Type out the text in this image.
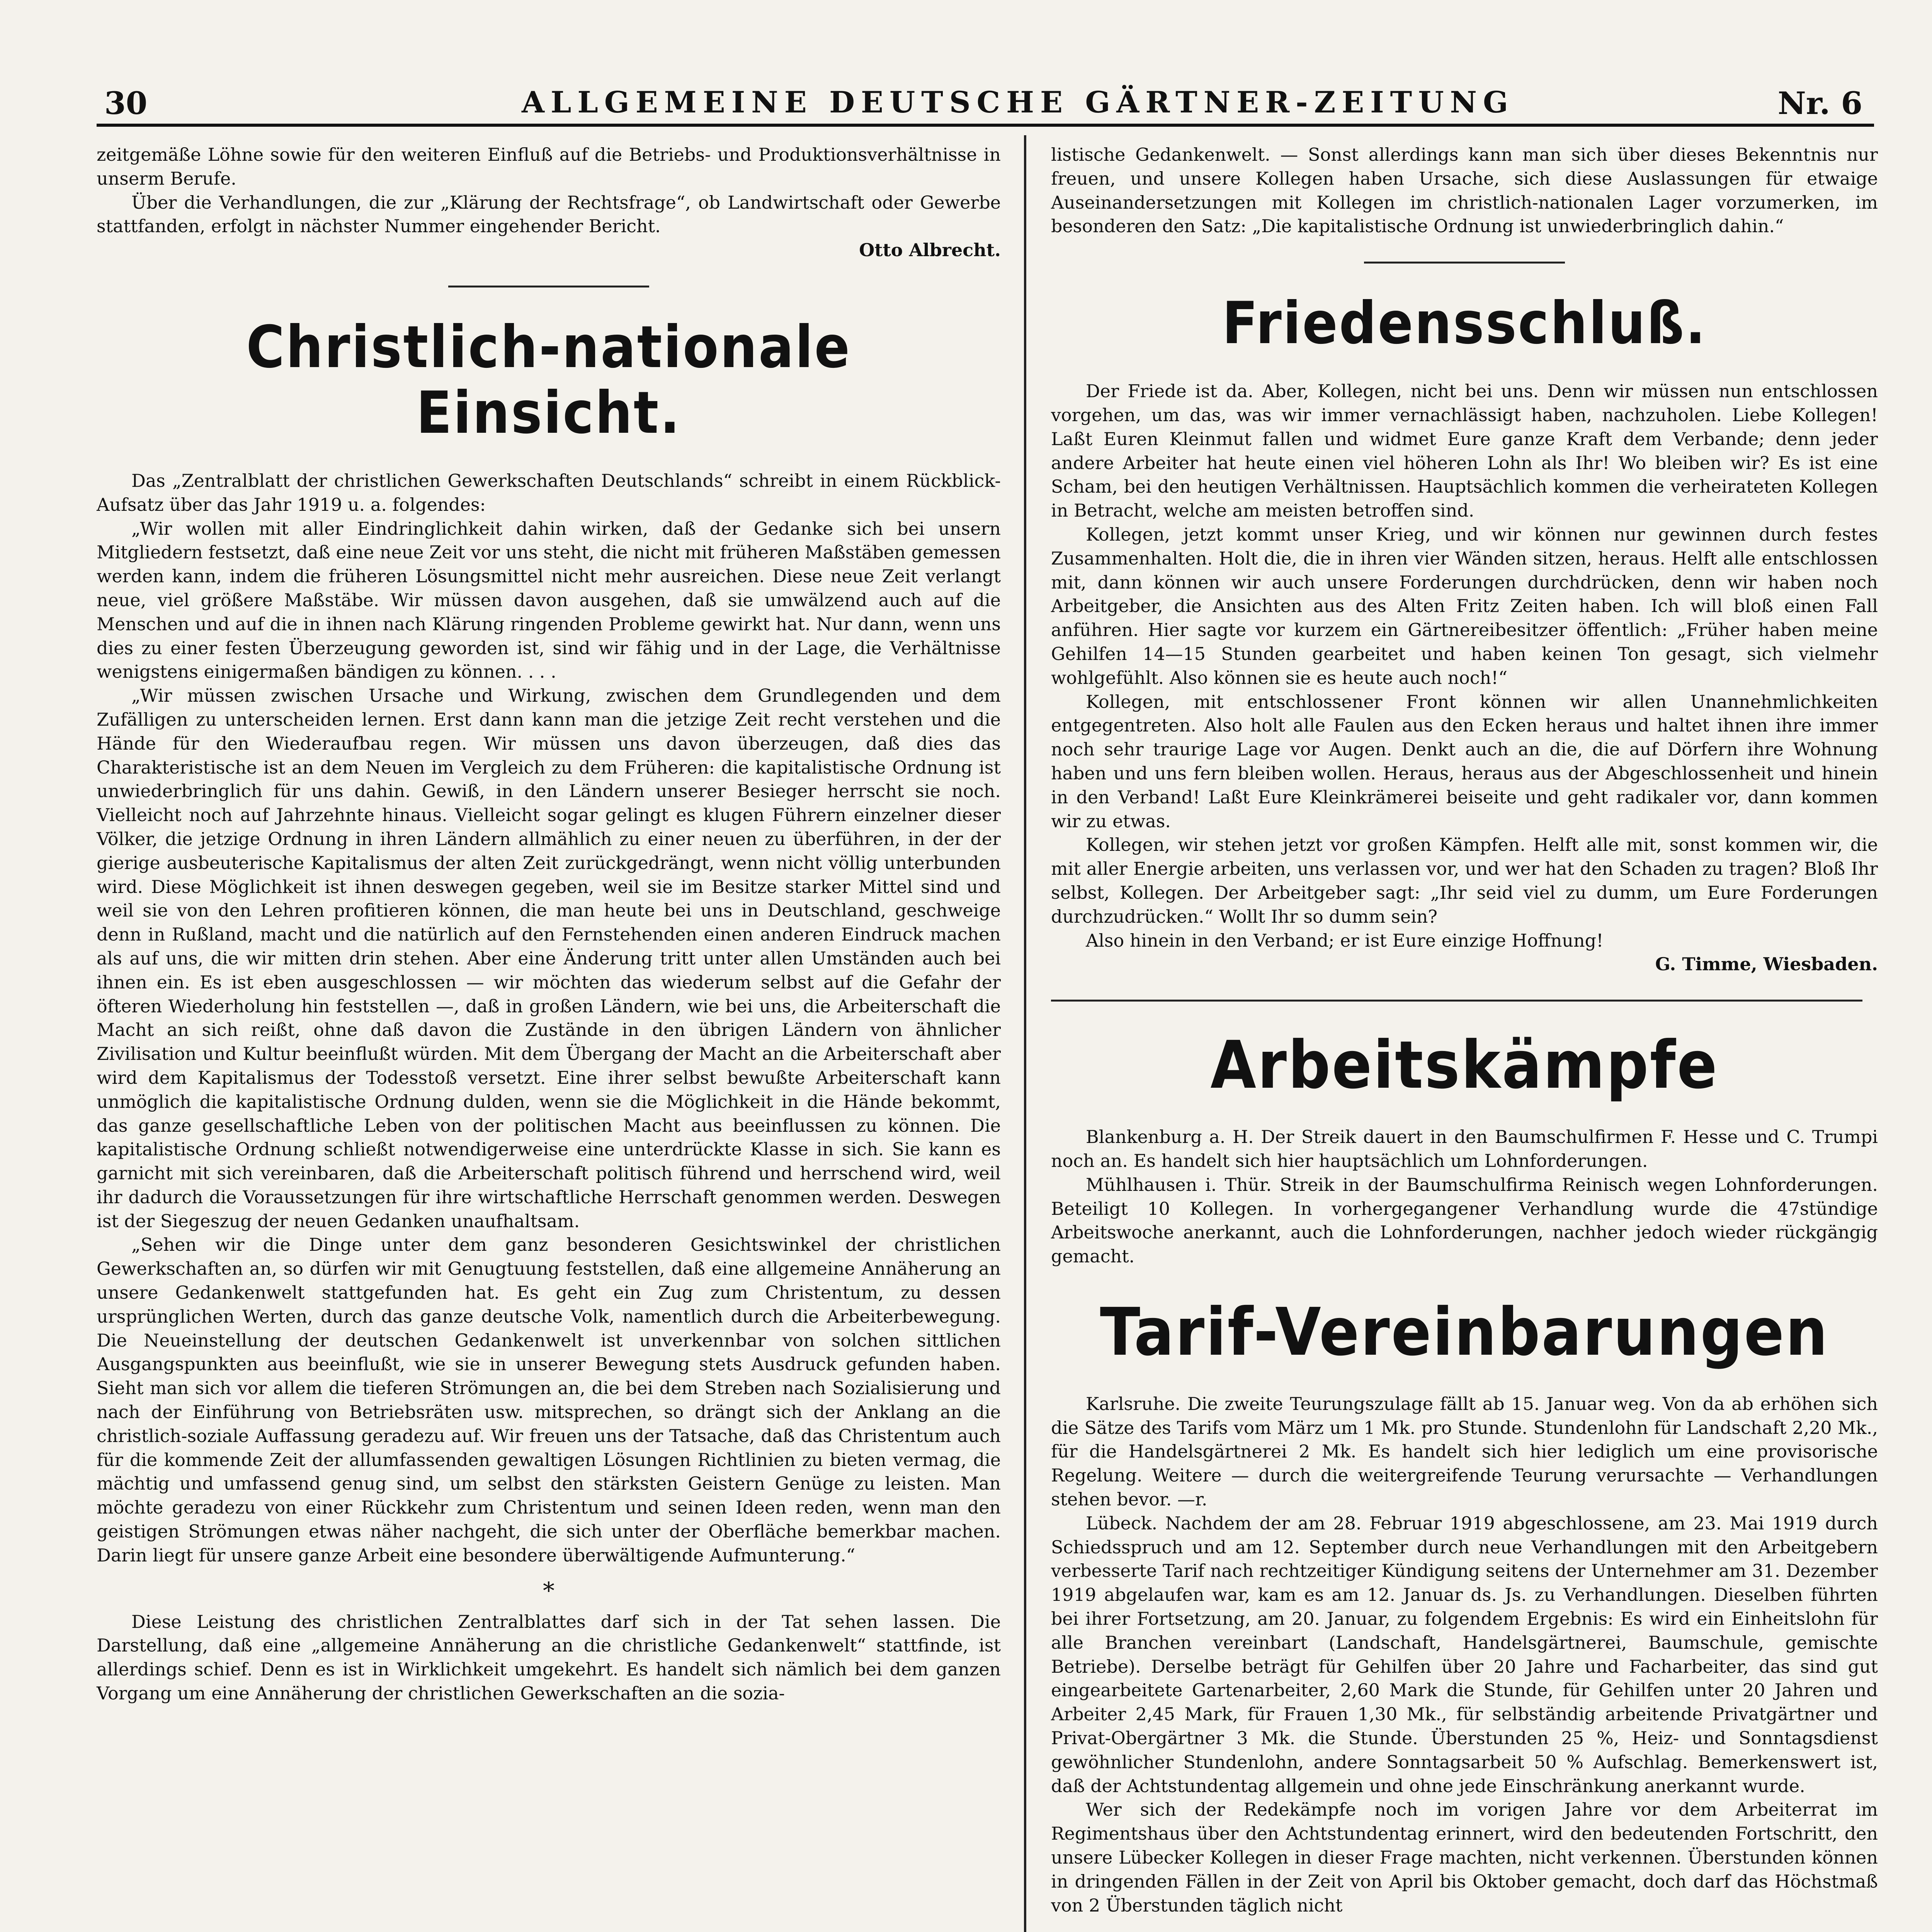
30	ALLGEMEINE DEUTSCHE GÄRTNER-ZEITUNG	Nr. 6

zeitgemäße Löhne sowie für den weiteren Einfluß auf die Betriebs- und Produktionsverhältnisse in unserm Berufe.

Über die Verhandlungen, die zur „Klärung der Rechtsfrage“, ob Landwirtschaft oder Gewerbe stattfanden, erfolgt in nächster Nummer eingehender Bericht.

Otto Albrecht.

Christlich-nationale Einsicht.

Das „Zentralblatt der christlichen Gewerkschaften Deutschlands“ schreibt in einem Rückblick-Aufsatz über das Jahr 1919 u. a. folgendes:

„Wir wollen mit aller Eindringlichkeit dahin wirken, daß der Gedanke sich bei unsern Mitgliedern festsetzt, daß eine neue Zeit vor uns steht, die nicht mit früheren Maßstäben gemessen werden kann, indem die früheren Lösungsmittel nicht mehr ausreichen. Diese neue Zeit verlangt neue, viel größere Maßstäbe. Wir müssen davon ausgehen, daß sie umwälzend auch auf die Menschen und auf die in ihnen nach Klärung ringenden Probleme gewirkt hat. Nur dann, wenn uns dies zu einer festen Überzeugung geworden ist, sind wir fähig und in der Lage, die Verhältnisse wenigstens einigermaßen bändigen zu können. . . .

„Wir müssen zwischen Ursache und Wirkung, zwischen dem Grundlegenden und dem Zufälligen zu unterscheiden lernen. Erst dann kann man die jetzige Zeit recht verstehen und die Hände für den Wiederaufbau regen. Wir müssen uns davon überzeugen, daß dies das Charakteristische ist an dem Neuen im Vergleich zu dem Früheren: die kapitalistische Ordnung ist unwiederbringlich für uns dahin. Gewiß, in den Ländern unserer Besieger herrscht sie noch. Vielleicht noch auf Jahrzehnte hinaus. Vielleicht sogar gelingt es klugen Führern einzelner dieser Völker, die jetzige Ordnung in ihren Ländern allmählich zu einer neuen zu überführen, in der der gierige ausbeuterische Kapitalismus der alten Zeit zurückgedrängt, wenn nicht völlig unterbunden wird. Diese Möglichkeit ist ihnen deswegen gegeben, weil sie im Besitze starker Mittel sind und weil sie von den Lehren profitieren können, die man heute bei uns in Deutschland, geschweige denn in Rußland, macht und die natürlich auf den Fernstehenden einen anderen Eindruck machen als auf uns, die wir mitten drin stehen. Aber eine Änderung tritt unter allen Umständen auch bei ihnen ein. Es ist eben ausgeschlossen — wir möchten das wiederum selbst auf die Gefahr der öfteren Wiederholung hin feststellen —, daß in großen Ländern, wie bei uns, die Arbeiterschaft die Macht an sich reißt, ohne daß davon die Zustände in den übrigen Ländern von ähnlicher Zivilisation und Kultur beeinflußt würden. Mit dem Übergang der Macht an die Arbeiterschaft aber wird dem Kapitalismus der Todesstoß versetzt. Eine ihrer selbst bewußte Arbeiterschaft kann unmöglich die kapitalistische Ordnung dulden, wenn sie die Möglichkeit in die Hände bekommt, das ganze gesellschaftliche Leben von der politischen Macht aus beeinflussen zu können. Die kapitalistische Ordnung schließt notwendigerweise eine unterdrückte Klasse in sich. Sie kann es garnicht mit sich vereinbaren, daß die Arbeiterschaft politisch führend und herrschend wird, weil ihr dadurch die Voraussetzungen für ihre wirtschaftliche Herrschaft genommen werden. Deswegen ist der Siegeszug der neuen Gedanken unaufhaltsam.

„Sehen wir die Dinge unter dem ganz besonderen Gesichtswinkel der christlichen Gewerkschaften an, so dürfen wir mit Genugtuung feststellen, daß eine allgemeine Annäherung an unsere Gedankenwelt stattgefunden hat. Es geht ein Zug zum Christentum, zu dessen ursprünglichen Werten, durch das ganze deutsche Volk, namentlich durch die Arbeiterbewegung. Die Neueinstellung der deutschen Gedankenwelt ist unverkennbar von solchen sittlichen Ausgangspunkten aus beeinflußt, wie sie in unserer Bewegung stets Ausdruck gefunden haben. Sieht man sich vor allem die tieferen Strömungen an, die bei dem Streben nach Sozialisierung und nach der Einführung von Betriebsräten usw. mitsprechen, so drängt sich der Anklang an die christlich-soziale Auffassung geradezu auf. Wir freuen uns der Tatsache, daß das Christentum auch für die kommende Zeit der allumfassenden gewaltigen Lösungen Richtlinien zu bieten vermag, die mächtig und umfassend genug sind, um selbst den stärksten Geistern Genüge zu leisten. Man möchte geradezu von einer Rückkehr zum Christentum und seinen Ideen reden, wenn man den geistigen Strömungen etwas näher nachgeht, die sich unter der Oberfläche bemerkbar machen. Darin liegt für unsere ganze Arbeit eine besondere überwältigende Aufmunterung.“

*

Diese Leistung des christlichen Zentralblattes darf sich in der Tat sehen lassen. Die Darstellung, daß eine „allgemeine Annäherung an die christliche Gedankenwelt“ stattfinde, ist allerdings schief. Denn es ist in Wirklichkeit umgekehrt. Es handelt sich nämlich bei dem ganzen Vorgang um eine Annäherung der christlichen Gewerkschaften an die sozia-

listische Gedankenwelt. — Sonst allerdings kann man sich über dieses Bekenntnis nur freuen, und unsere Kollegen haben Ursache, sich diese Auslassungen für etwaige Auseinandersetzungen mit Kollegen im christlich-nationalen Lager vorzumerken, im besonderen den Satz: „Die kapitalistische Ordnung ist unwiederbringlich dahin.“

Friedensschluß.

Der Friede ist da. Aber, Kollegen, nicht bei uns. Denn wir müssen nun entschlossen vorgehen, um das, was wir immer vernachlässigt haben, nachzuholen. Liebe Kollegen! Laßt Euren Kleinmut fallen und widmet Eure ganze Kraft dem Verbande; denn jeder andere Arbeiter hat heute einen viel höheren Lohn als Ihr! Wo bleiben wir? Es ist eine Scham, bei den heutigen Verhältnissen. Hauptsächlich kommen die verheirateten Kollegen in Betracht, welche am meisten betroffen sind.

Kollegen, jetzt kommt unser Krieg, und wir können nur gewinnen durch festes Zusammenhalten. Holt die, die in ihren vier Wänden sitzen, heraus. Helft alle entschlossen mit, dann können wir auch unsere Forderungen durchdrücken, denn wir haben noch Arbeitgeber, die Ansichten aus des Alten Fritz Zeiten haben. Ich will bloß einen Fall anführen. Hier sagte vor kurzem ein Gärtnereibesitzer öffentlich: „Früher haben meine Gehilfen 14—15 Stunden gearbeitet und haben keinen Ton gesagt, sich vielmehr wohlgefühlt. Also können sie es heute auch noch!“

Kollegen, mit entschlossener Front können wir allen Unannehmlichkeiten entgegentreten. Also holt alle Faulen aus den Ecken heraus und haltet ihnen ihre immer noch sehr traurige Lage vor Augen. Denkt auch an die, die auf Dörfern ihre Wohnung haben und uns fern bleiben wollen. Heraus, heraus aus der Abgeschlossenheit und hinein in den Verband! Laßt Eure Kleinkrämerei beiseite und geht radikaler vor, dann kommen wir zu etwas.

Kollegen, wir stehen jetzt vor großen Kämpfen. Helft alle mit, sonst kommen wir, die mit aller Energie arbeiten, uns verlassen vor, und wer hat den Schaden zu tragen? Bloß Ihr selbst, Kollegen. Der Arbeitgeber sagt: „Ihr seid viel zu dumm, um Eure Forderungen durchzudrücken.“ Wollt Ihr so dumm sein?

Also hinein in den Verband; er ist Eure einzige Hoffnung!

G. Timme, Wiesbaden.

Arbeitskämpfe

Blankenburg a. H. Der Streik dauert in den Baumschulfirmen F. Hesse und C. Trumpi noch an. Es handelt sich hier hauptsächlich um Lohnforderungen.

Mühlhausen i. Thür. Streik in der Baumschulfirma Reinisch wegen Lohnforderungen. Beteiligt 10 Kollegen. In vorhergegangener Verhandlung wurde die 47stündige Arbeitswoche anerkannt, auch die Lohnforderungen, nachher jedoch wieder rückgängig gemacht.

Tarif-Vereinbarungen

Karlsruhe. Die zweite Teurungszulage fällt ab 15. Januar weg. Von da ab erhöhen sich die Sätze des Tarifs vom März um 1 Mk. pro Stunde. Stundenlohn für Landschaft 2,20 Mk., für die Handelsgärtnerei 2 Mk. Es handelt sich hier lediglich um eine provisorische Regelung. Weitere — durch die weitergreifende Teurung verursachte — Verhandlungen stehen bevor. —r.

Lübeck. Nachdem der am 28. Februar 1919 abgeschlossene, am 23. Mai 1919 durch Schiedsspruch und am 12. September durch neue Verhandlungen mit den Arbeitgebern verbesserte Tarif nach rechtzeitiger Kündigung seitens der Unternehmer am 31. Dezember 1919 abgelaufen war, kam es am 12. Januar ds. Js. zu Verhandlungen. Dieselben führten bei ihrer Fortsetzung, am 20. Januar, zu folgendem Ergebnis: Es wird ein Einheitslohn für alle Branchen vereinbart (Landschaft, Handelsgärtnerei, Baumschule, gemischte Betriebe). Derselbe beträgt für Gehilfen über 20 Jahre und Facharbeiter, das sind gut eingearbeitete Gartenarbeiter, 2,60 Mark die Stunde, für Gehilfen unter 20 Jahren und Arbeiter 2,45 Mark, für Frauen 1,30 Mk., für selbständig arbeitende Privatgärtner und Privat-Obergärtner 3 Mk. die Stunde. Überstunden 25 %, Heiz- und Sonntagsdienst gewöhnlicher Stundenlohn, andere Sonntagsarbeit 50 % Aufschlag. Bemerkenswert ist, daß der Achtstundentag allgemein und ohne jede Einschränkung anerkannt wurde.

Wer sich der Redekämpfe noch im vorigen Jahre vor dem Arbeiterrat im Regimentshaus über den Achtstundentag erinnert, wird den bedeutenden Fortschritt, den unsere Lübecker Kollegen in dieser Frage machten, nicht verkennen. Überstunden können in dringenden Fällen in der Zeit von April bis Oktober gemacht, doch darf das Höchstmaß von 2 Überstunden täglich nicht
